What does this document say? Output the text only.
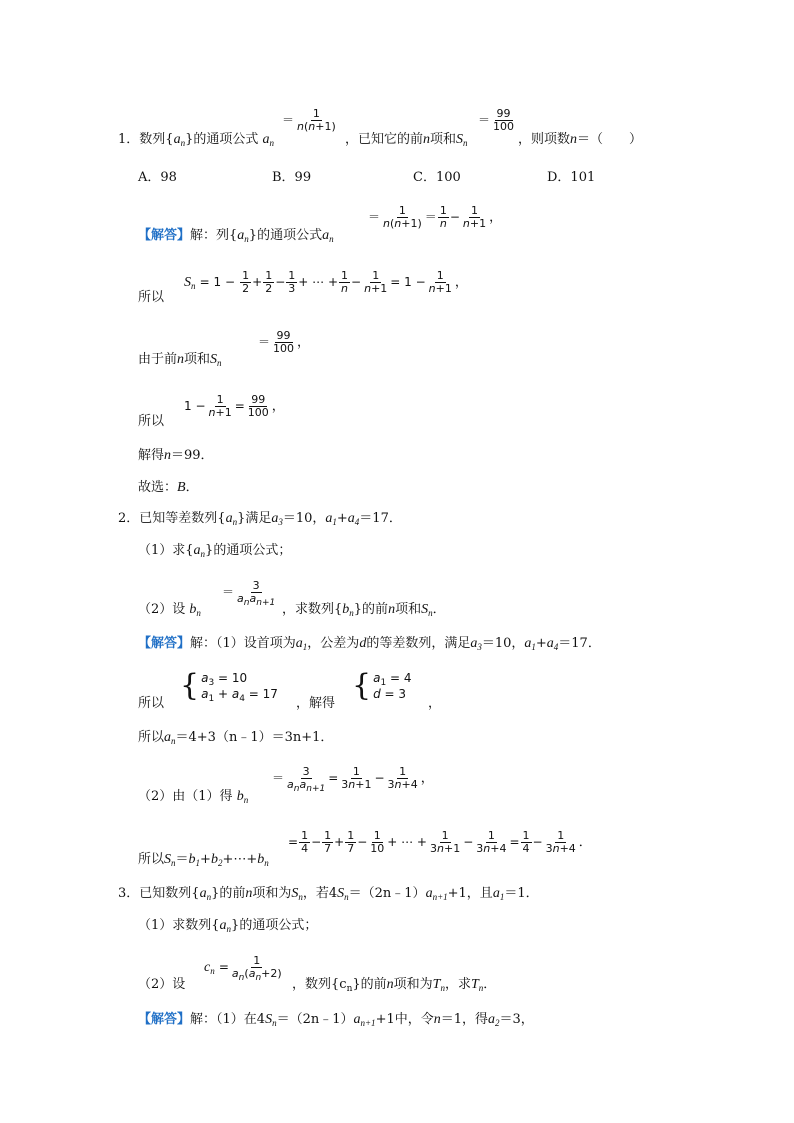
1．数列$\{a_n\}$的通项公式 $a_n$
＝ $\frac{1}{n(n+1)}$
，已知它的前n项和$S_n$
＝ $\frac{99}{100}$
，则项数n＝（　　）
A．98	B．99	C．100	D．101
【解答】解：列$\{a_n\}$的通项公式$a_n$
＝ $\frac{1}{n(n+1)} = \frac{1}{n} - \frac{1}{n+1}$ ，
所以
$S_n = 1 - \frac{1}{2} + \frac{1}{2} - \frac{1}{3}$ + ⋯ + $\frac{1}{n} - \frac{1}{n+1} = 1 - \frac{1}{n+1}$ ，
由于前n项和$S_n$
＝ $\frac{99}{100}$ ，
所以
$1 - \frac{1}{n+1} = \frac{99}{100}$ ，
解得n＝99．
故选：B．
2．已知等差数列$\{a_n\}$满足$a_3=10$，$a_1+a_4=17$．
（1）求$\{a_n\}$的通项公式；
（2）设 $b_n$
＝ $\frac{3}{a_na_{n+1}}$
，求数列$\{b_n\}$的前n项和$S_n$．
【解答】解：（1）设首项为$a_1$，公差为d的等差数列，满足$a_3=10$，$a_1+a_4=17$．
所以
{ $a_3 = 10$
$a_1 + a_4 = 17$
，解得
{ $a_1 = 4$
d = 3
，
所以$a_n=4+3(n﹣1)=3n+1$．
（2）由（1）得 $b_n$
＝ $\frac{3}{a_na_{n+1}} = \frac{1}{3n+1} - \frac{1}{3n+4}$ ，
所以$S_n=b_1+b_2+\cdots+b_n$
= $\frac{1}{4} - \frac{1}{7} + \frac{1}{7} - \frac{1}{10}$ + ⋯ + $\frac{1}{3n+1} - \frac{1}{3n+4} = \frac{1}{4} - \frac{1}{3n+4}$ ．
3．已知数列$\{a_n\}$的前n项和为$S_n$，若$4S_n=(2n﹣1)a_{n+1}+1$，且$a_1=1$．
（1）求数列$\{a_n\}$的通项公式；
（2）设
$c_n = \frac{1}{a_n(a_n+2)}$
，数列$\{c_n\}$的前n项和为$T_n$，求$T_n$．
【解答】解：（1）在$4S_n=(2n﹣1)a_{n+1}+1$中，令n＝1，得$a_2=3$，
